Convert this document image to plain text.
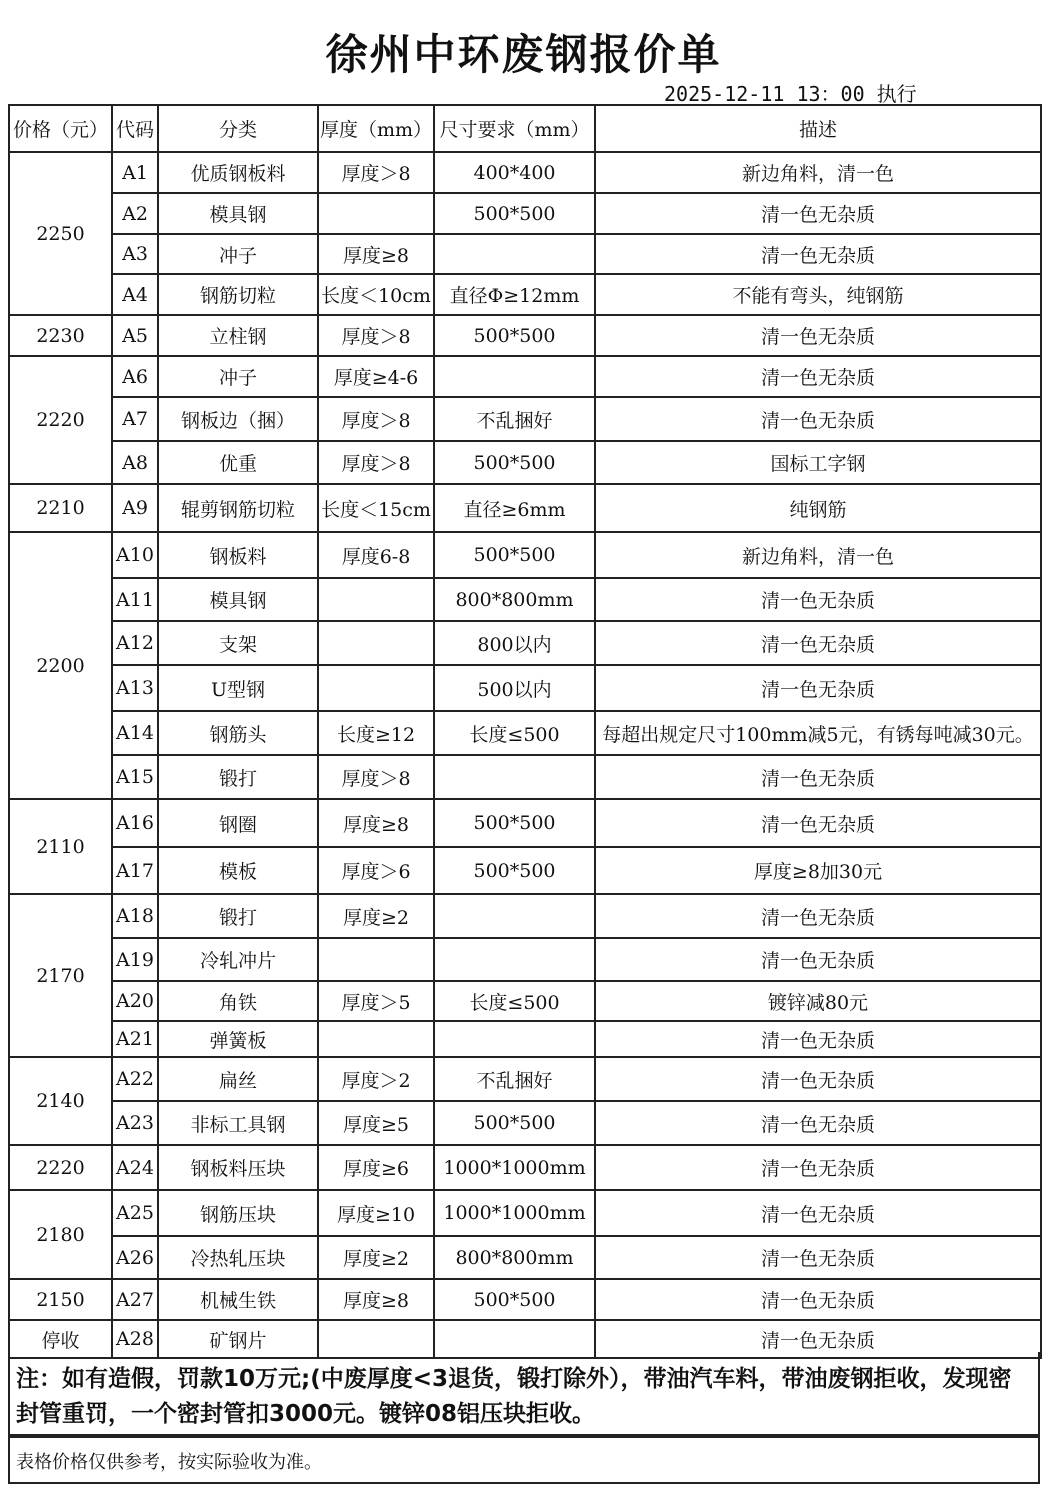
徐州中环废钢报价单
2025-12-11 13：00 执行
价格（元）	代码	分类	厚度（mm）	尺寸要求（mm）	描述
2250	A1	优质钢板料	厚度＞8	400*400	新边角料，清一色
	A2	模具钢		500*500	清一色无杂质
	A3	冲子	厚度≥8		清一色无杂质
	A4	钢筋切粒	长度＜10cm	直径Φ≥12mm	不能有弯头，纯钢筋
2230	A5	立柱钢	厚度＞8	500*500	清一色无杂质
2220	A6	冲子	厚度≥4-6		清一色无杂质
	A7	钢板边（捆）	厚度＞8	不乱捆好	清一色无杂质
	A8	优重	厚度＞8	500*500	国标工字钢
2210	A9	辊剪钢筋切粒	长度＜15cm	直径≥6mm	纯钢筋
2200	A10	钢板料	厚度6-8	500*500	新边角料，清一色
	A11	模具钢		800*800mm	清一色无杂质
	A12	支架		800以内	清一色无杂质
	A13	U型钢		500以内	清一色无杂质
	A14	钢筋头	长度≥12	长度≤500	每超出规定尺寸100mm减5元，有锈每吨减30元。
	A15	锻打	厚度＞8		清一色无杂质
2110	A16	钢圈	厚度≥8	500*500	清一色无杂质
	A17	模板	厚度＞6	500*500	厚度≥8加30元
2170	A18	锻打	厚度≥2		清一色无杂质
	A19	冷轧冲片			清一色无杂质
	A20	角铁	厚度＞5	长度≤500	镀锌减80元
	A21	弹簧板			清一色无杂质
2140	A22	扁丝	厚度＞2	不乱捆好	清一色无杂质
	A23	非标工具钢	厚度≥5	500*500	清一色无杂质
2220	A24	钢板料压块	厚度≥6	1000*1000mm	清一色无杂质
2180	A25	钢筋压块	厚度≥10	1000*1000mm	清一色无杂质
	A26	冷热轧压块	厚度≥2	800*800mm	清一色无杂质
2150	A27	机械生铁	厚度≥8	500*500	清一色无杂质
停收	A28	矿钢片			清一色无杂质
注：如有造假，罚款10万元;(中废厚度<3退货，锻打除外），带油汽车料，带油废钢拒收，发现密封管重罚，一个密封管扣3000元。镀锌08铝压块拒收。
表格价格仅供参考，按实际验收为准。
